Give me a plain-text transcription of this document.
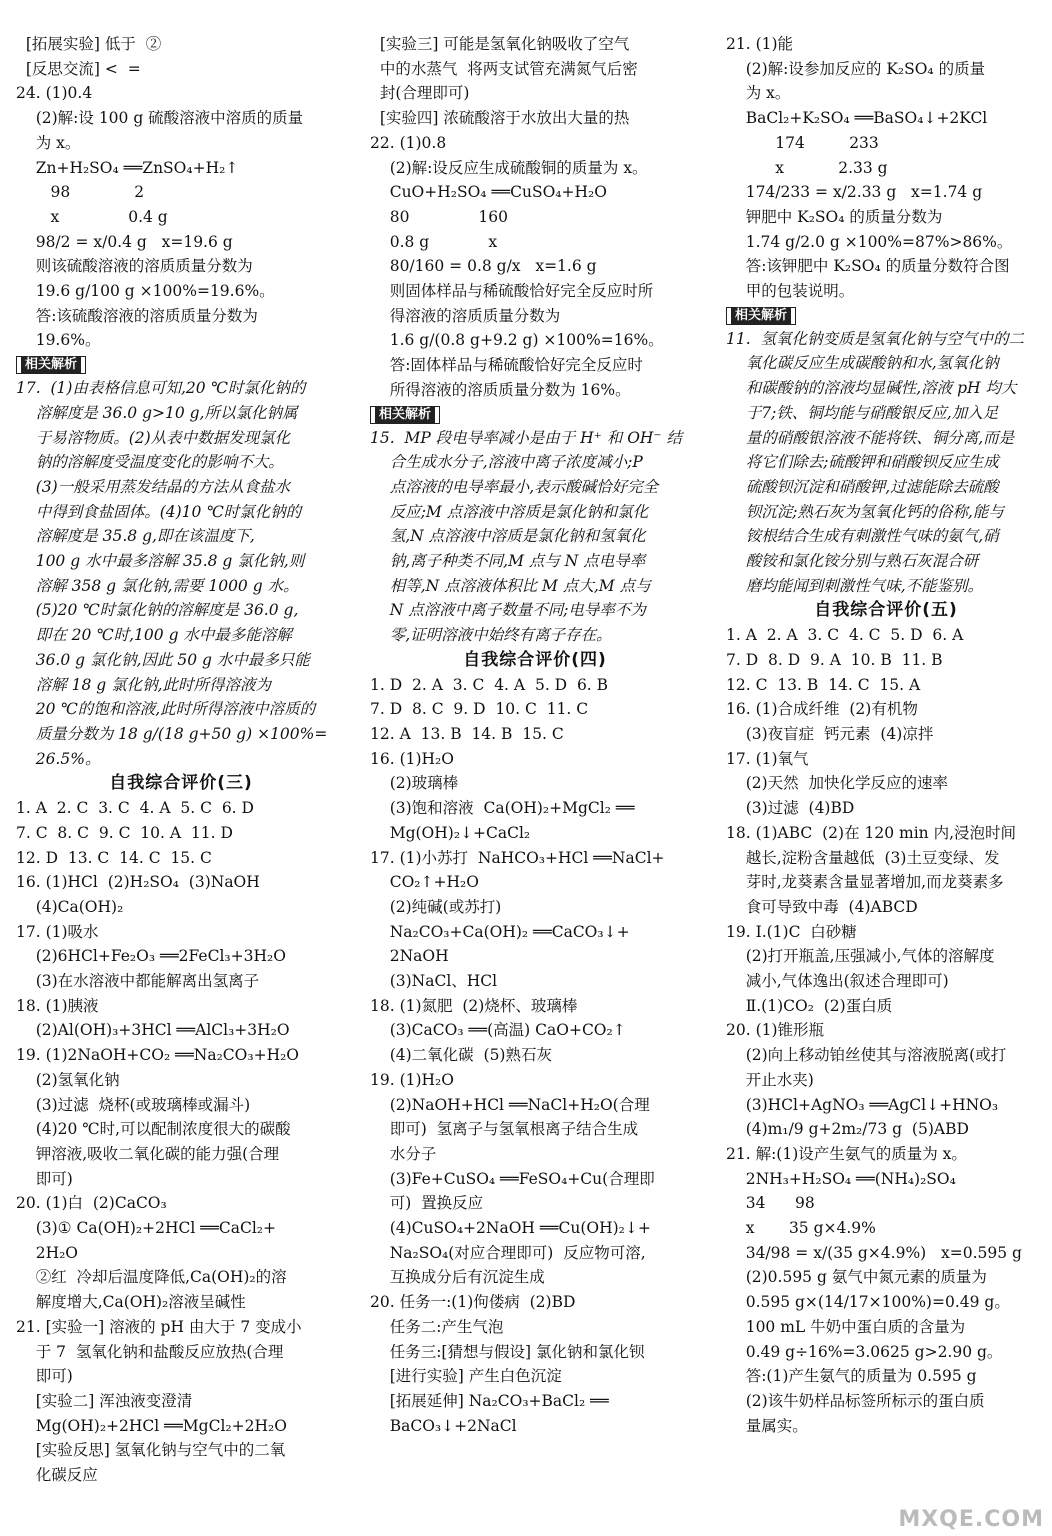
[拓展实验] 低于  ②
[反思交流] <  =
24. (1)0.4
(2)解:设 100 g 硫酸溶液中溶质的质量
为 x。
Zn+H₂SO₄ ══ZnSO₄+H₂↑
98             2
x              0.4 g
98/2 = x/0.4 g   x=19.6 g
则该硫酸溶液的溶质质量分数为
19.6 g/100 g ×100%=19.6%。
答:该硫酸溶液的溶质质量分数为
19.6%。
相关解析
17.  (1)由表格信息可知,20 ℃时氯化钠的
溶解度是 36.0 g>10 g,所以氯化钠属
于易溶物质。(2)从表中数据发现氯化
钠的溶解度受温度变化的影响不大。
(3)一般采用蒸发结晶的方法从食盐水
中得到食盐固体。(4)10 ℃时氯化钠的
溶解度是 35.8 g,即在该温度下,
100 g 水中最多溶解 35.8 g 氯化钠,则
溶解 358 g 氯化钠,需要 1000 g 水。
(5)20 ℃时氯化钠的溶解度是 36.0 g,
即在 20 ℃时,100 g 水中最多能溶解
36.0 g 氯化钠,因此 50 g 水中最多只能
溶解 18 g 氯化钠,此时所得溶液为
20 ℃的饱和溶液,此时所得溶液中溶质的
质量分数为 18 g/(18 g+50 g) ×100%=
26.5%。
自我综合评价(三)
1. A  2. C  3. C  4. A  5. C  6. D
7. C  8. C  9. C  10. A  11. D
12. D  13. C  14. C  15. C
16. (1)HCl  (2)H₂SO₄  (3)NaOH
(4)Ca(OH)₂
17. (1)吸水
(2)6HCl+Fe₂O₃ ══2FeCl₃+3H₂O
(3)在水溶液中都能解离出氢离子
18. (1)胰液
(2)Al(OH)₃+3HCl ══AlCl₃+3H₂O
19. (1)2NaOH+CO₂ ══Na₂CO₃+H₂O
(2)氢氧化钠
(3)过滤  烧杯(或玻璃棒或漏斗)
(4)20 ℃时,可以配制浓度很大的碳酸
钾溶液,吸收二氧化碳的能力强(合理
即可)
20. (1)白  (2)CaCO₃
(3)① Ca(OH)₂+2HCl ══CaCl₂+
2H₂O
②红  冷却后温度降低,Ca(OH)₂的溶
解度增大,Ca(OH)₂溶液呈碱性
21. [实验一] 溶液的 pH 由大于 7 变成小
于 7  氢氧化钠和盐酸反应放热(合理
即可)
[实验二] 浑浊液变澄清
Mg(OH)₂+2HCl ══MgCl₂+2H₂O
[实验反思] 氢氧化钠与空气中的二氧
化碳反应
[实验三] 可能是氢氧化钠吸收了空气
中的水蒸气  将两支试管充满氮气后密
封(合理即可)
[实验四] 浓硫酸溶于水放出大量的热
22. (1)0.8
(2)解:设反应生成硫酸铜的质量为 x。
CuO+H₂SO₄ ══CuSO₄+H₂O
80              160
0.8 g            x
80/160 = 0.8 g/x   x=1.6 g
则固体样品与稀硫酸恰好完全反应时所
得溶液的溶质质量分数为
1.6 g/(0.8 g+9.2 g) ×100%=16%。
答:固体样品与稀硫酸恰好完全反应时
所得溶液的溶质质量分数为 16%。
相关解析
15.  MP 段电导率减小是由于 H⁺ 和 OH⁻ 结
合生成水分子,溶液中离子浓度减小;P
点溶液的电导率最小,表示酸碱恰好完全
反应;M 点溶液中溶质是氯化钠和氯化
氢,N 点溶液中溶质是氯化钠和氢氧化
钠,离子种类不同,M 点与 N 点电导率
相等,N 点溶液体积比 M 点大,M 点与
N 点溶液中离子数量不同;电导率不为
零,证明溶液中始终有离子存在。
自我综合评价(四)
1. D  2. A  3. C  4. A  5. D  6. B
7. D  8. C  9. D  10. C  11. C
12. A  13. B  14. B  15. C
16. (1)H₂O
(2)玻璃棒
(3)饱和溶液  Ca(OH)₂+MgCl₂ ══
Mg(OH)₂↓+CaCl₂
17. (1)小苏打  NaHCO₃+HCl ══NaCl+
CO₂↑+H₂O
(2)纯碱(或苏打)
Na₂CO₃+Ca(OH)₂ ══CaCO₃↓+
2NaOH
(3)NaCl、HCl
18. (1)氮肥  (2)烧杯、玻璃棒
(3)CaCO₃ ══(高温) CaO+CO₂↑
(4)二氧化碳  (5)熟石灰
19. (1)H₂O
(2)NaOH+HCl ══NaCl+H₂O(合理
即可)  氢离子与氢氧根离子结合生成
水分子
(3)Fe+CuSO₄ ══FeSO₄+Cu(合理即
可)  置换反应
(4)CuSO₄+2NaOH ══Cu(OH)₂↓+
Na₂SO₄(对应合理即可)  反应物可溶,
互换成分后有沉淀生成
20. 任务一:(1)佝偻病  (2)BD
任务二:产生气泡
任务三:[猜想与假设] 氯化钠和氯化钡
[进行实验] 产生白色沉淀
[拓展延伸] Na₂CO₃+BaCl₂ ══
BaCO₃↓+2NaCl
21. (1)能
(2)解:设参加反应的 K₂SO₄ 的质量
为 x。
BaCl₂+K₂SO₄ ══BaSO₄↓+2KCl
174         233
x           2.33 g
174/233 = x/2.33 g   x=1.74 g
钾肥中 K₂SO₄ 的质量分数为
1.74 g/2.0 g ×100%=87%>86%。
答:该钾肥中 K₂SO₄ 的质量分数符合图
甲的包装说明。
相关解析
11.  氢氧化钠变质是氢氧化钠与空气中的二
氧化碳反应生成碳酸钠和水,氢氧化钠
和碳酸钠的溶液均显碱性,溶液 pH 均大
于7;铁、铜均能与硝酸银反应,加入足
量的硝酸银溶液不能将铁、铜分离,而是
将它们除去;硫酸钾和硝酸钡反应生成
硫酸钡沉淀和硝酸钾,过滤能除去硫酸
钡沉淀;熟石灰为氢氧化钙的俗称,能与
铵根结合生成有刺激性气味的氨气,硝
酸铵和氯化铵分别与熟石灰混合研
磨均能闻到刺激性气味,不能鉴别。
自我综合评价(五)
1. A  2. A  3. C  4. C  5. D  6. A
7. D  8. D  9. A  10. B  11. B
12. C  13. B  14. C  15. A
16. (1)合成纤维  (2)有机物
(3)夜盲症  钙元素  (4)凉拌
17. (1)氧气
(2)天然  加快化学反应的速率
(3)过滤  (4)BD
18. (1)ABC  (2)在 120 min 内,浸泡时间
越长,淀粉含量越低  (3)土豆变绿、发
芽时,龙葵素含量显著增加,而龙葵素多
食可导致中毒  (4)ABCD
19. Ⅰ.(1)C  白砂糖
(2)打开瓶盖,压强减小,气体的溶解度
减小,气体逸出(叙述合理即可)
Ⅱ.(1)CO₂  (2)蛋白质
20. (1)锥形瓶
(2)向上移动铂丝使其与溶液脱离(或打
开止水夹)
(3)HCl+AgNO₃ ══AgCl↓+HNO₃
(4)m₁/9 g+2m₂/73 g  (5)ABD
21. 解:(1)设产生氨气的质量为 x。
2NH₃+H₂SO₄ ══(NH₄)₂SO₄
34      98
x       35 g×4.9%
34/98 = x/(35 g×4.9%)   x=0.595 g
(2)0.595 g 氨气中氮元素的质量为
0.595 g×(14/17×100%)=0.49 g。
100 mL 牛奶中蛋白质的含量为
0.49 g÷16%=3.0625 g>2.90 g。
答:(1)产生氨气的质量为 0.595 g
(2)该牛奶样品标签所标示的蛋白质
量属实。
MXQE.COM
